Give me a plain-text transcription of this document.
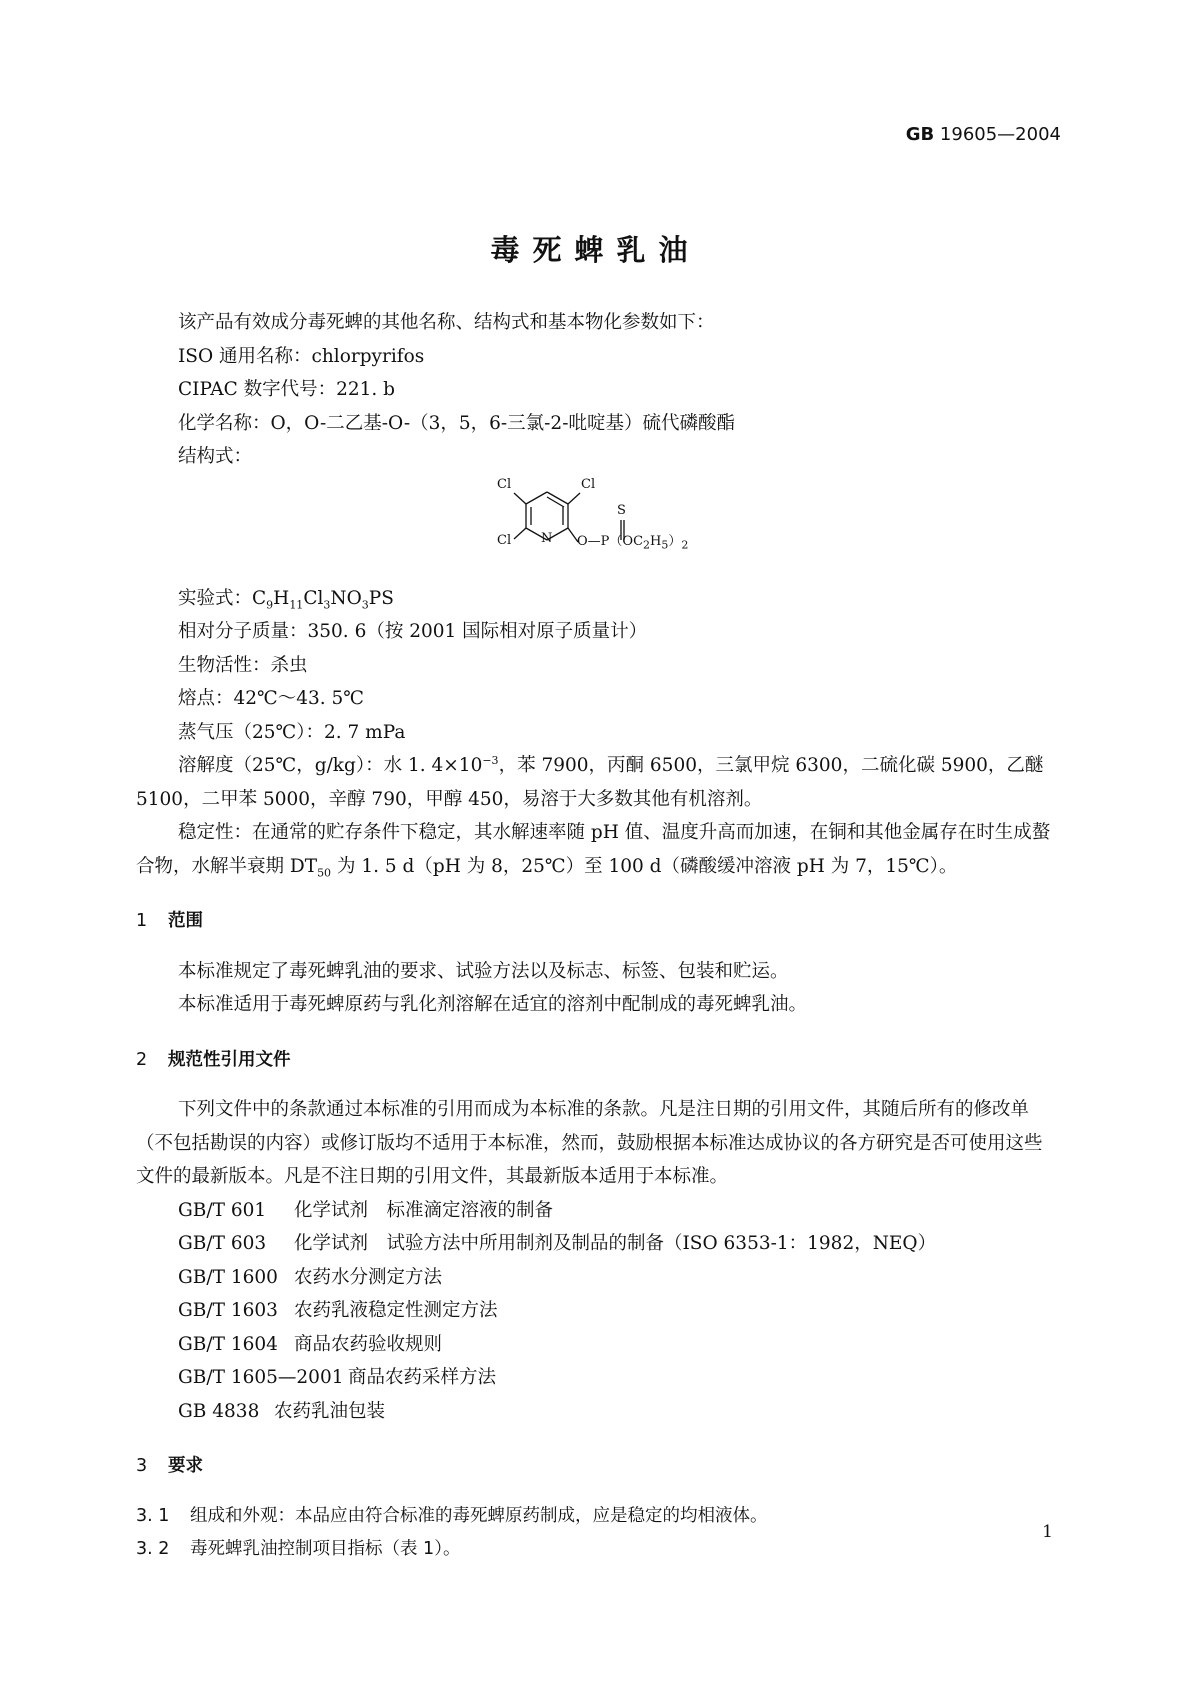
GB 19605—2004
毒死蜱乳油

该产品有效成分毒死蜱的其他名称、结构式和基本物化参数如下：

ISO 通用名称：chlorpyrifos

CIPAC 数字代号：221. b

化学名称：O，O-二乙基-O-（3，5，6-三氯-2-吡啶基）硫代磷酸酯

结构式：

Cl	Cl
Cl N
S
$O—P(OC_2H_5)_2$

实验式：$C_9H_{11}Cl_3NO_3PS$

相对分子质量：350. 6（按 2001 国际相对原子质量计）

生物活性：杀虫

熔点：42℃～43. 5℃

蒸气压（25℃）：2. 7 mPa

溶解度（25℃，g/kg）：水 1. $4\times 10^{-3}$，苯 7900，丙酮 6500，三氯甲烷 6300，二硫化碳 5900，乙醚 5100，二甲苯 5000，辛醇 790，甲醇 450，易溶于大多数其他有机溶剂。

稳定性：在通常的贮存条件下稳定，其水解速率随 pH 值、温度升高而加速，在铜和其他金属存在时生成螯合物，水解半衰期 $DT_{50}$ 为 1. 5 d（pH 为 8，25℃）至 100 d（磷酸缓冲溶液 pH 为 7，15℃）。

1 范围

本标准规定了毒死蜱乳油的要求、试验方法以及标志、标签、包装和贮运。

本标准适用于毒死蜱原药与乳化剂溶解在适宜的溶剂中配制成的毒死蜱乳油。

2 规范性引用文件

下列文件中的条款通过本标准的引用而成为本标准的条款。凡是注日期的引用文件，其随后所有的修改单（不包括勘误的内容）或修订版均不适用于本标准，然而，鼓励根据本标准达成协议的各方研究是否可使用这些文件的最新版本。凡是不注日期的引用文件，其最新版本适用于本标准。

GB/T 601 化学试剂　标准滴定溶液的制备

GB/T 603 化学试剂　试验方法中所用制剂及制品的制备（ISO 6353-1：1982，NEQ）

GB/T 1600 农药水分测定方法

GB/T 1603 农药乳液稳定性测定方法

GB/T 1604 商品农药验收规则

GB/T 1605—2001 商品农药采样方法

GB 4838 农药乳油包装

3 要求

3. 1 组成和外观：本品应由符合标准的毒死蜱原药制成，应是稳定的均相液体。

3. 2 毒死蜱乳油控制项目指标（表 1）。

1
